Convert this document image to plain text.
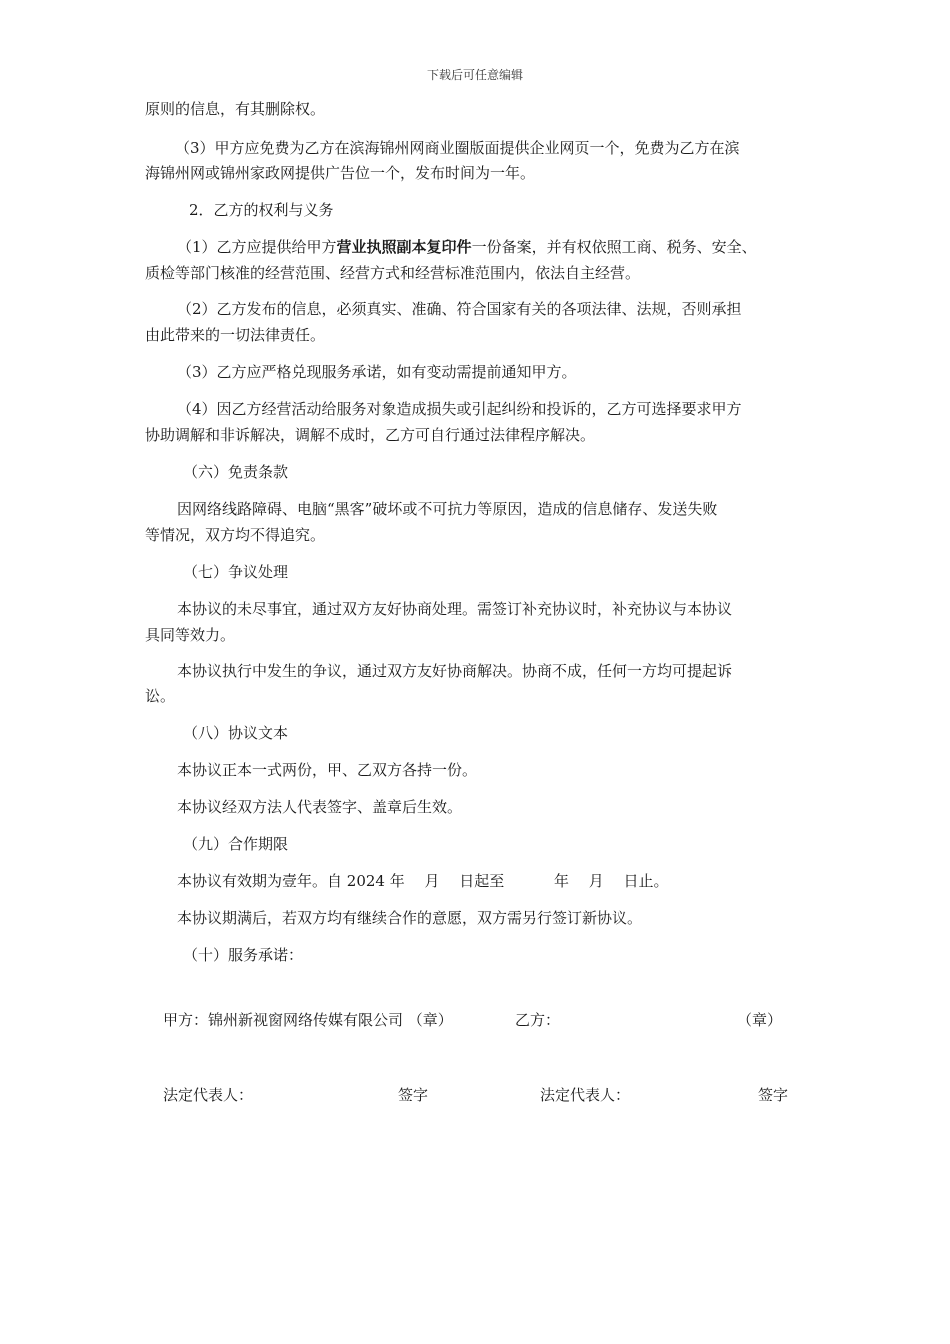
下载后可任意编辑
原则的信息，有其删除权。
（3）甲方应免费为乙方在滨海锦州网商业圈版面提供企业网页一个，免费为乙方在滨
海锦州网或锦州家政网提供广告位一个，发布时间为一年。
2．乙方的权利与义务
（1）乙方应提供给甲方营业执照副本复印件一份备案，并有权依照工商、税务、安全、
质检等部门核准的经营范围、经营方式和经营标准范围内，依法自主经营。
（2）乙方发布的信息，必须真实、准确、符合国家有关的各项法律、法规，否则承担
由此带来的一切法律责任。
（3）乙方应严格兑现服务承诺，如有变动需提前通知甲方。
（4）因乙方经营活动给服务对象造成损失或引起纠纷和投诉的，乙方可选择要求甲方
协助调解和非诉解决，调解不成时，乙方可自行通过法律程序解决。
（六）免责条款
因网络线路障碍、电脑“黑客”破坏或不可抗力等原因，造成的信息储存、发送失败
等情况，双方均不得追究。
（七）争议处理
本协议的未尽事宜，通过双方友好协商处理。需签订补充协议时，补充协议与本协议
具同等效力。
本协议执行中发生的争议，通过双方友好协商解决。协商不成，任何一方均可提起诉
讼。
（八）协议文本
本协议正本一式两份，甲、乙双方各持一份。
本协议经双方法人代表签字、盖章后生效。
（九）合作期限
本协议有效期为壹年。自 2024 年　 月　 日起至　　　 年　 月　 日止。
本协议期满后，若双方均有继续合作的意愿，双方需另行签订新协议。
（十）服务承诺：
甲方：锦州新视窗网络传媒有限公司 （章）	乙方：	（章）
法定代表人：	签字	法定代表人：	签字
